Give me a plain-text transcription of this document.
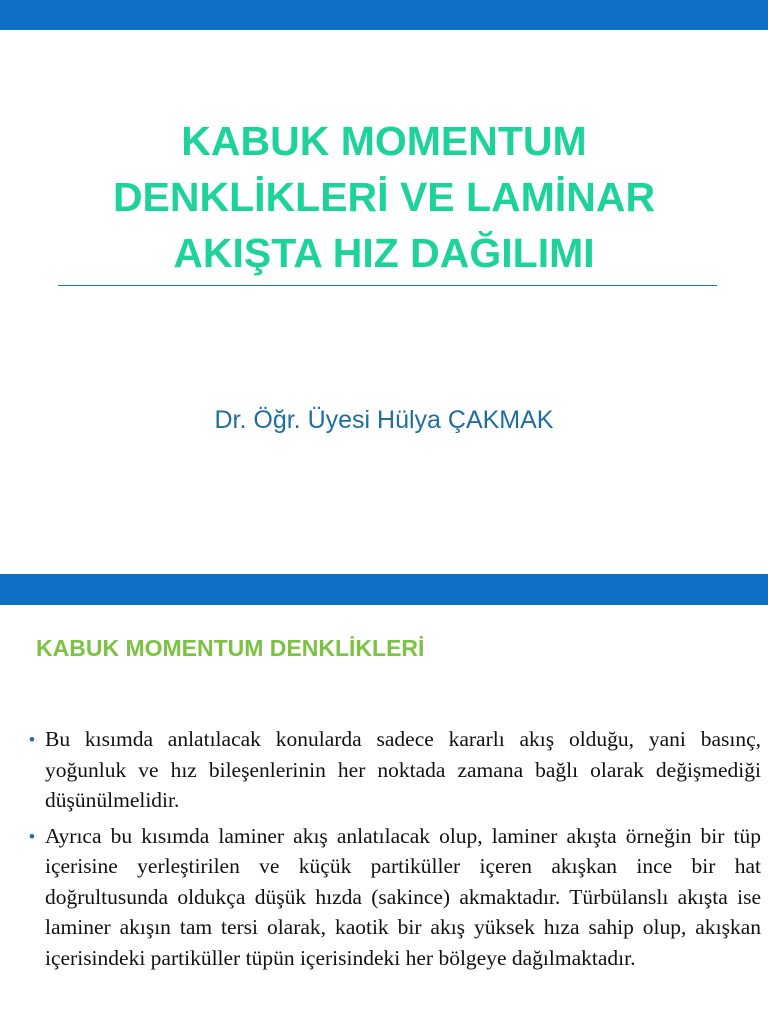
KABUK MOMENTUM
DENKLİKLERİ VE LAMİNAR
AKIŞTA HIZ DAĞILIMI
Dr. Öğr. Üyesi Hülya ÇAKMAK
KABUK MOMENTUM DENKLİKLERİ
• Bu kısımda anlatılacak konularda sadece kararlı akış olduğu, yani basınç, yoğunluk ve hız bileşenlerinin her noktada zamana bağlı olarak değişmediği düşünülmelidir.
• Ayrıca bu kısımda laminer akış anlatılacak olup, laminer akışta örneğin bir tüp içerisine yerleştirilen ve küçük partiküller içeren akışkan ince bir hat doğrultusunda oldukça düşük hızda (sakince) akmaktadır. Türbülanslı akışta ise laminer akışın tam tersi olarak, kaotik bir akış yüksek hıza sahip olup, akışkan içerisindeki partiküller tüpün içerisindeki her bölgeye dağılmaktadır.
